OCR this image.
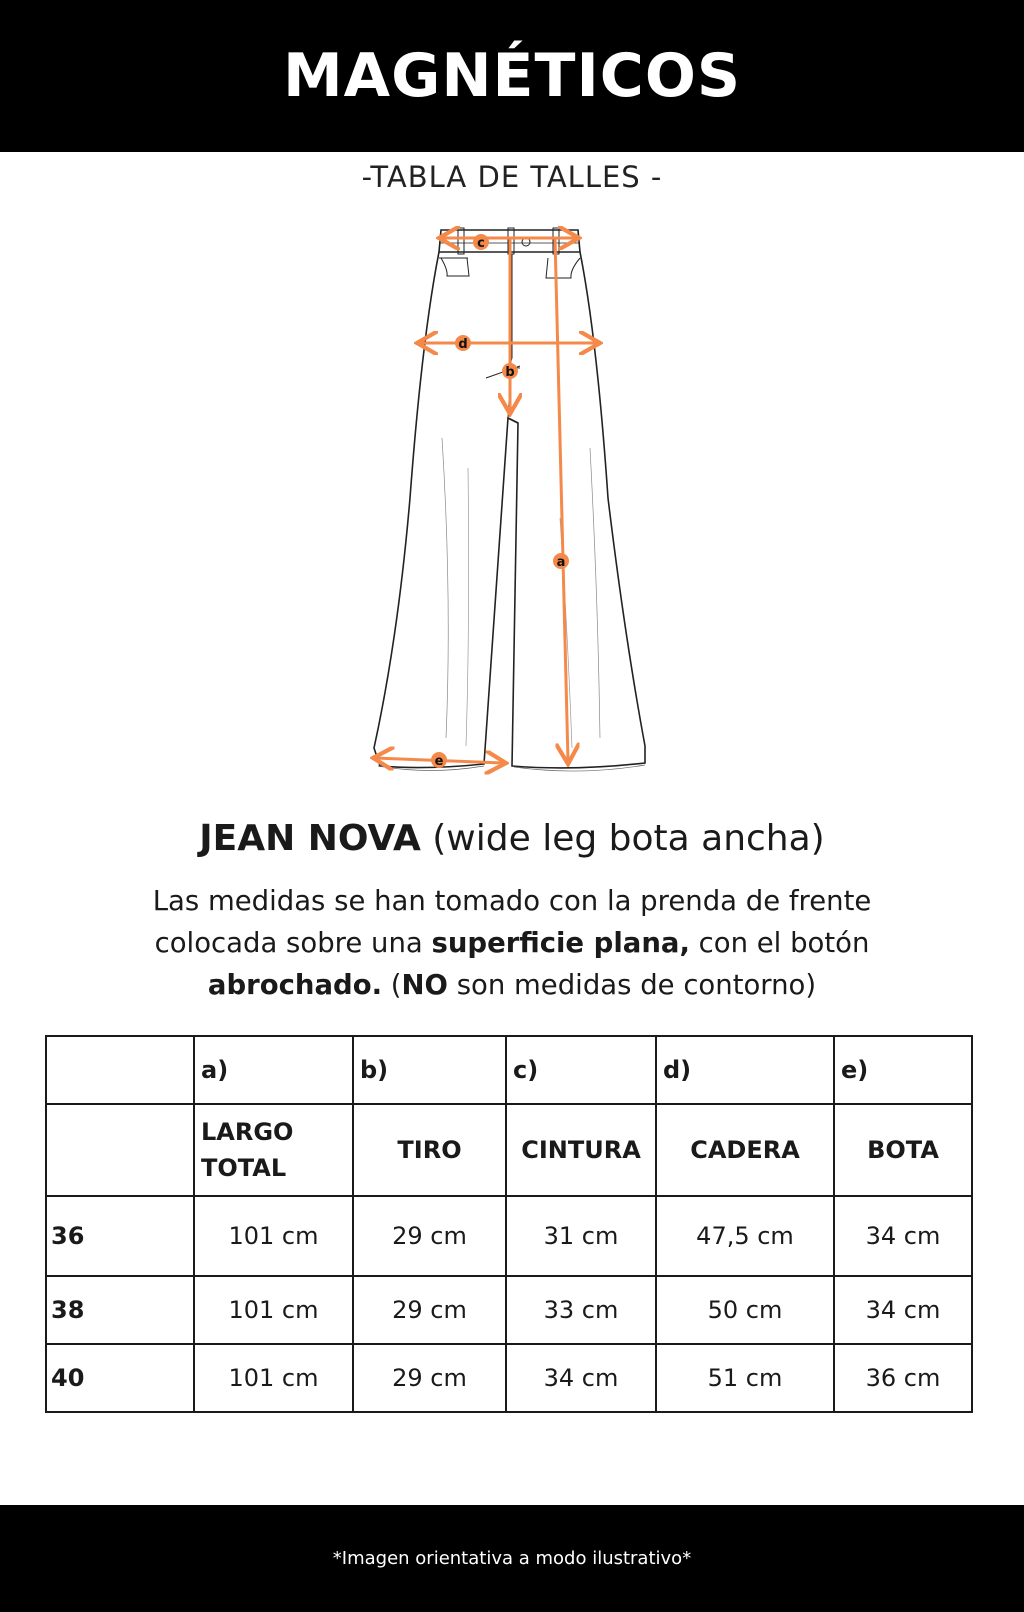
MAGNÉTICOS
-TABLA DE TALLES -
c
d
b
a
e
JEAN NOVA (wide leg bota ancha)
Las medidas se han tomado con la prenda de frente
colocada sobre una superficie plana, con el botón
abrochado. (NO son medidas de contorno)
	a)	b)	c)	d)	e)
	LARGO TOTAL	TIRO	CINTURA	CADERA	BOTA
36	101 cm	29 cm	31 cm	47,5 cm	34 cm
38	101 cm	29 cm	33 cm	50 cm	34 cm
40	101 cm	29 cm	34 cm	51 cm	36 cm
*Imagen orientativa a modo ilustrativo*
